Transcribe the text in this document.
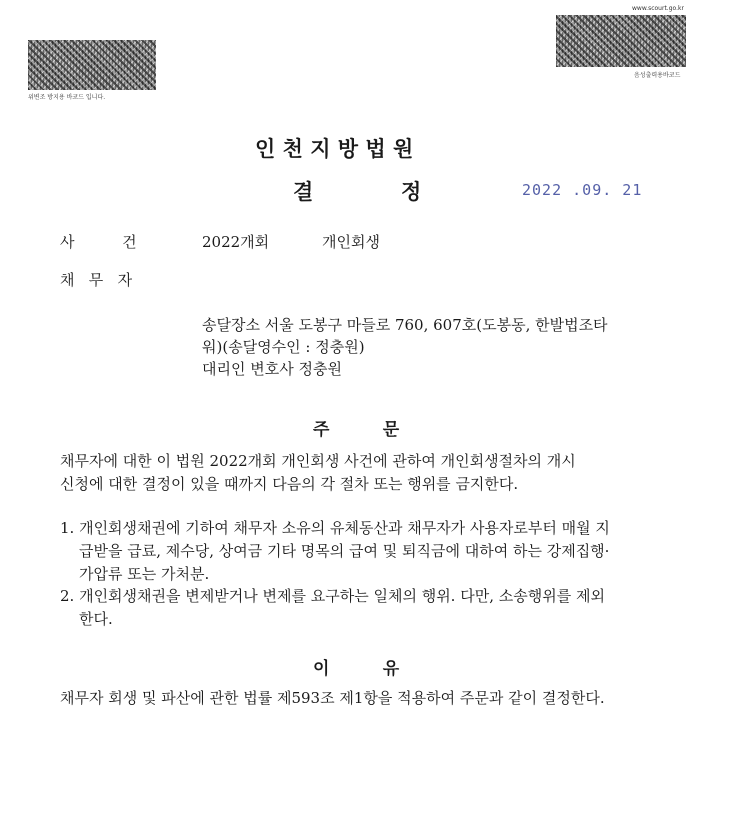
위변조 방지용 바코드 입니다.
www.scourt.go.kr
음성출력용바코드
인 천 지 방 법 원
결            정	2022 .09. 21
사          건	2022개회	개인회생
채   무   자
송달장소 서울 도봉구 마들로 760, 607호(도봉동, 한발법조타
워)(송달영수인 : 정충원)
대리인 변호사 정충원
주         문
채무자에 대한 이 법원 2022개회 개인회생 사건에 관하여 개인회생절차의 개시
신청에 대한 결정이 있을 때까지 다음의 각 절차 또는 행위를 금지한다.
1. 개인회생채권에 기하여 채무자 소유의 유체동산과 채무자가 사용자로부터 매월 지
급받을 급료, 제수당, 상여금 기타 명목의 급여 및 퇴직금에 대하여 하는 강제집행·
가압류 또는 가처분.
2. 개인회생채권을 변제받거나 변제를 요구하는 일체의 행위. 다만, 소송행위를 제외
한다.
이         유
채무자 회생 및 파산에 관한 법률 제593조 제1항을 적용하여 주문과 같이 결정한다.
